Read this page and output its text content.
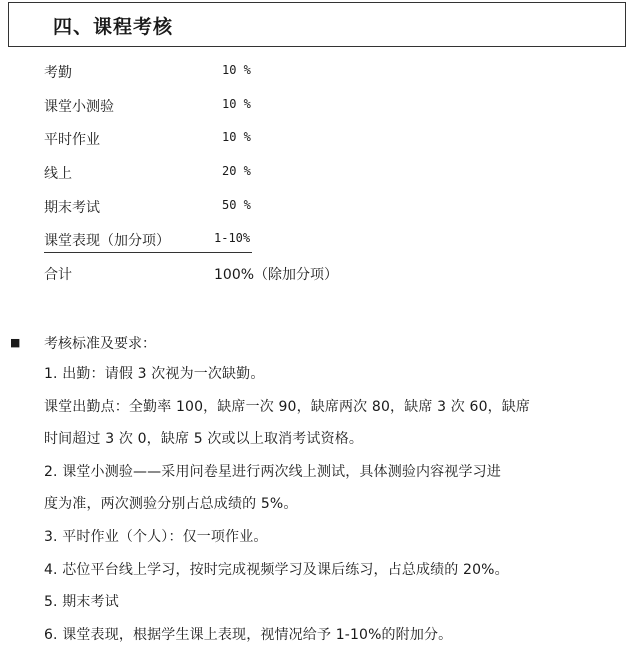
四、课程考核
考勤	10 %
课堂小测验	10 %
平时作业	10 %
线上	20 %
期末考试	50 %
课堂表现（加分项）	1-10%
合计	100%（除加分项）
■ 考核标准及要求：
1. 出勤：请假 3 次视为一次缺勤。
课堂出勤点：全勤率 100，缺席一次 90，缺席两次 80，缺席 3 次 60，缺席
时间超过 3 次 0，缺席 5 次或以上取消考试资格。
2. 课堂小测验——采用问卷星进行两次线上测试，具体测验内容视学习进
度为准，两次测验分别占总成绩的 5%。
3. 平时作业（个人）：仅一项作业。
4. 芯位平台线上学习，按时完成视频学习及课后练习，占总成绩的 20%。
5. 期末考试
6. 课堂表现，根据学生课上表现，视情况给予 1-10%的附加分。
